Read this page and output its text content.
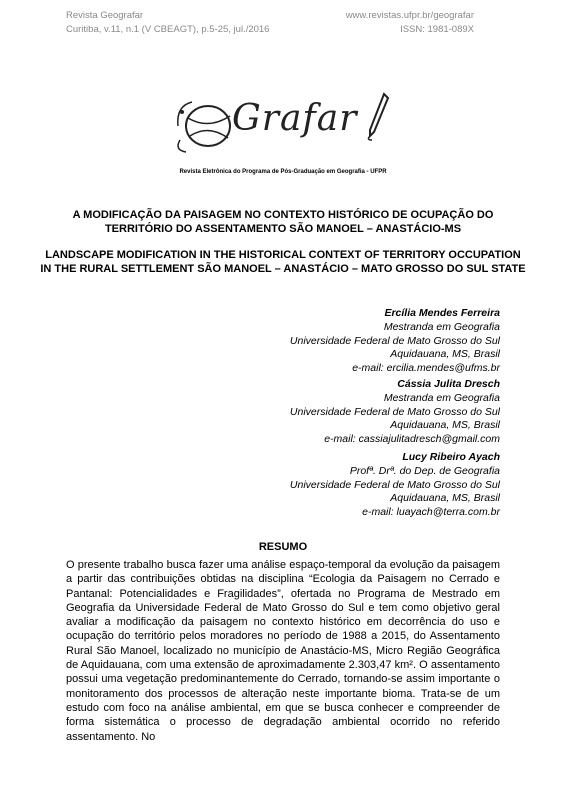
Revista Geografar
Curitiba, v.11, n.1 (V CBEAGT), p.5-25, jul./2016
www.revistas.ufpr.br/geografar
ISSN: 1981-089X
Grafar
Revista Eletrônica do Programa de Pós-Graduação em Geografia - UFPR
A MODIFICAÇÃO DA PAISAGEM NO CONTEXTO HISTÓRICO DE OCUPAÇÃO DO TERRITÓRIO DO ASSENTAMENTO SÃO MANOEL – ANASTÁCIO-MS
LANDSCAPE MODIFICATION IN THE HISTORICAL CONTEXT OF TERRITORY OCCUPATION IN THE RURAL SETTLEMENT SÃO MANOEL – ANASTÁCIO – MATO GROSSO DO SUL STATE
Ercília Mendes Ferreira
Mestranda em Geografia
Universidade Federal de Mato Grosso do Sul
Aquidauana, MS, Brasil
e-mail: ercilia.mendes@ufms.br
Cássia Julita Dresch
Mestranda em Geografia
Universidade Federal de Mato Grosso do Sul
Aquidauana, MS, Brasil
e-mail: cassiajulitadresch@gmail.com
Lucy Ribeiro Ayach
Profª. Drª. do Dep. de Geografia
Universidade Federal de Mato Grosso do Sul
Aquidauana, MS, Brasil
e-mail: luayach@terra.com.br
RESUMO
O presente trabalho busca fazer uma análise espaço-temporal da evolução da paisagem a partir das contribuições obtidas na disciplina “Ecologia da Paisagem no Cerrado e Pantanal: Potencialidades e Fragilidades”, ofertada no Programa de Mestrado em Geografia da Universidade Federal de Mato Grosso do Sul e tem como objetivo geral avaliar a modificação da paisagem no contexto histórico em decorrência do uso e ocupação do território pelos moradores no período de 1988 a 2015, do Assentamento Rural São Manoel, localizado no município de Anastácio-MS, Micro Região Geográfica de Aquidauana, com uma extensão de aproximadamente 2.303,47 km². O assentamento possui uma vegetação predominantemente do Cerrado, tornando-se assim importante o monitoramento dos processos de alteração neste importante bioma. Trata-se de um estudo com foco na análise ambiental, em que se busca conhecer e compreender de forma sistemática o processo de degradação ambiental ocorrido no referido assentamento. No
